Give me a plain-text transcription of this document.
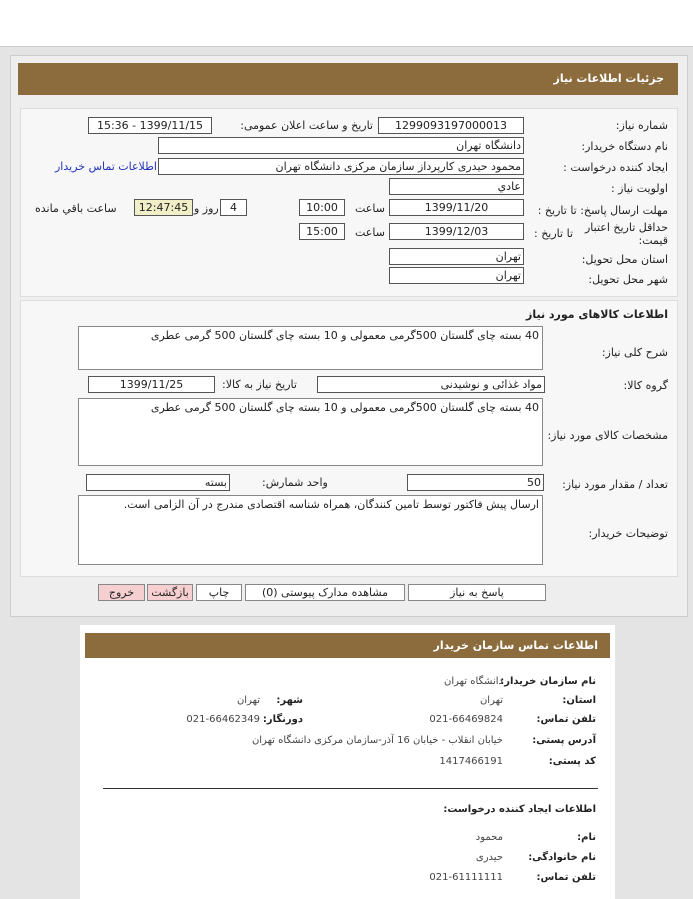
جزئیات اطلاعات نیاز
شماره نیاز:
1299093197000013
تاریخ و ساعت اعلان عمومی:
1399/11/15 - 15:36
نام دستگاه خریدار:
دانشگاه تهران
ایجاد کننده درخواست :
محمود حیدری کارپرداز سازمان مرکزی دانشگاه تهران
اطلاعات تماس خریدار
اولویت نیاز :
عادي
مهلت ارسال پاسخ: تا تاریخ :
1399/11/20
ساعت
10:00
4
روز و
12:47:45
ساعت باقي مانده
حداقل تاریخ اعتبار قیمت:
تا تاریخ :
1399/12/03
ساعت
15:00
استان محل تحویل:
تهران
شهر محل تحویل:
تهران
اطلاعات کالاهای مورد نیاز
شرح کلی نیاز:
40 بسته چای گلستان 500گرمی معمولی و 10 بسته چای گلستان 500 گرمی عطری
گروه کالا:
مواد غذائی و نوشیدنی
تاریخ نیاز به کالا:
1399/11/25
مشخصات کالای مورد نیاز:
40 بسته چای گلستان 500گرمی معمولی و 10 بسته چای گلستان 500 گرمی عطری
تعداد / مقدار مورد نیاز:
50
واحد شمارش:
بسته
توضیحات خریدار:
ارسال پیش فاکتور توسط تامین کنندگان، همراه شناسه اقتصادی مندرج در آن الزامی است.
پاسخ به نیاز
مشاهده مدارک پیوستی (0)
چاپ
بازگشت
خروج
اطلاعات تماس سازمان خریدار
نام سازمان خریدار:
دانشگاه تهران
استان:
تهران
شهر:
تهران
تلفن تماس:
021-66469824
دورنگار:
021-66462349
آدرس پستی:
خیابان انقلاب - خیابان 16 آذر-سازمان مرکزی دانشگاه تهران
کد پستی:
1417466191
اطلاعات ایجاد کننده درخواست:
نام:
محمود
نام خانوادگی:
حیدری
تلفن تماس:
021-61111111
